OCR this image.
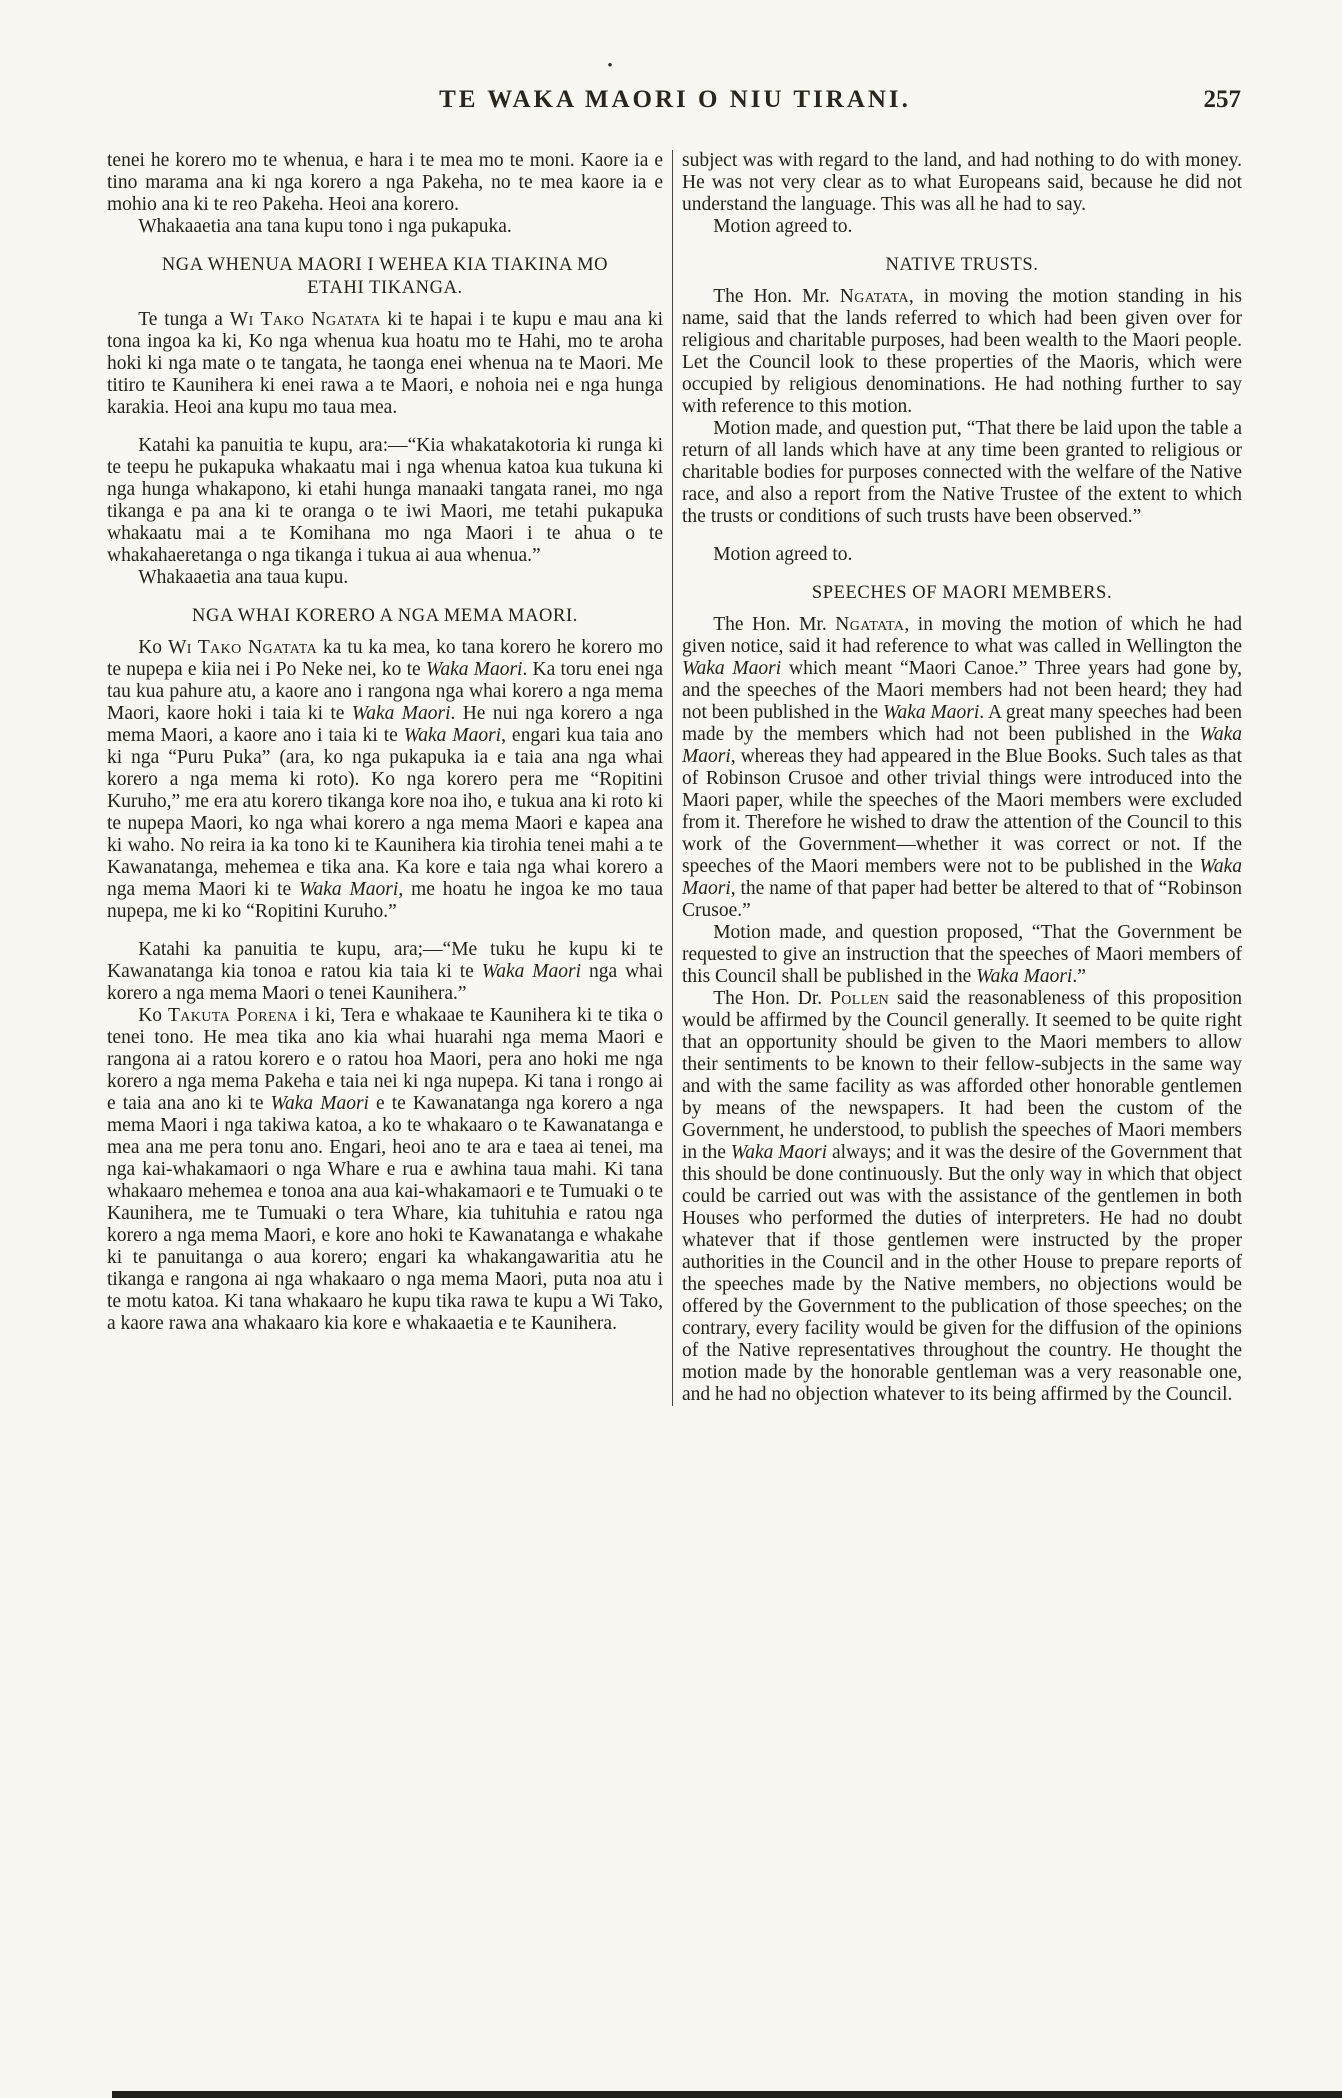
•
TE WAKA MAORI O NIU TIRANI.	257

tenei he korero mo te whenua, e hara i te mea mo te moni. Kaore ia e tino marama ana ki nga korero a nga Pakeha, no te mea kaore ia e mohio ana ki te reo Pakeha. Heoi ana korero.

Whakaaetia ana tana kupu tono i nga pukapuka.

NGA WHENUA MAORI I WEHEA KIA TIAKINA MO ETAHI TIKANGA.

Te tunga a Wi Tako Ngatata ki te hapai i te kupu e mau ana ki tona ingoa ka ki, Ko nga whenua kua hoatu mo te Hahi, mo te aroha hoki ki nga mate o te tangata, he taonga enei whenua na te Maori. Me titiro te Kaunihera ki enei rawa a te Maori, e nohoia nei e nga hunga karakia. Heoi ana kupu mo taua mea.

Katahi ka panuitia te kupu, ara:—“Kia whakatakotoria ki runga ki te teepu he pukapuka whakaatu mai i nga whenua katoa kua tukuna ki nga hunga whakapono, ki etahi hunga manaaki tangata ranei, mo nga tikanga e pa ana ki te oranga o te iwi Maori, me tetahi pukapuka whakaatu mai a te Komihana mo nga Maori i te ahua o te whakahaeretanga o nga tikanga i tukua ai aua whenua.”

Whakaaetia ana taua kupu.

NGA WHAI KORERO A NGA MEMA MAORI.

Ko Wi Tako Ngatata ka tu ka mea, ko tana korero he korero mo te nupepa e kiia nei i Po Neke nei, ko te Waka Maori. Ka toru enei nga tau kua pahure atu, a kaore ano i rangona nga whai korero a nga mema Maori, kaore hoki i taia ki te Waka Maori. He nui nga korero a nga mema Maori, a kaore ano i taia ki te Waka Maori, engari kua taia ano ki nga “Puru Puka” (ara, ko nga pukapuka ia e taia ana nga whai korero a nga mema ki roto). Ko nga korero pera me “Ropitini Kuruho,” me era atu korero tikanga kore noa iho, e tukua ana ki roto ki te nupepa Maori, ko nga whai korero a nga mema Maori e kapea ana ki waho. No reira ia ka tono ki te Kaunihera kia tirohia tenei mahi a te Kawanatanga, mehemea e tika ana. Ka kore e taia nga whai korero a nga mema Maori ki te Waka Maori, me hoatu he ingoa ke mo taua nupepa, me ki ko “Ropitini Kuruho.”

Katahi ka panuitia te kupu, ara;—“Me tuku he kupu ki te Kawanatanga kia tonoa e ratou kia taia ki te Waka Maori nga whai korero a nga mema Maori o tenei Kaunihera.”

Ko Takuta Porena i ki, Tera e whakaae te Kaunihera ki te tika o tenei tono. He mea tika ano kia whai huarahi nga mema Maori e rangona ai a ratou korero e o ratou hoa Maori, pera ano hoki me nga korero a nga mema Pakeha e taia nei ki nga nupepa. Ki tana i rongo ai e taia ana ano ki te Waka Maori e te Kawanatanga nga korero a nga mema Maori i nga takiwa katoa, a ko te whakaaro o te Kawanatanga e mea ana me pera tonu ano. Engari, heoi ano te ara e taea ai tenei, ma nga kai-whakamaori o nga Whare e rua e awhina taua mahi. Ki tana whakaaro mehemea e tonoa ana aua kai-whakamaori e te Tumuaki o te Kaunihera, me te Tumuaki o tera Whare, kia tuhituhia e ratou nga korero a nga mema Maori, e kore ano hoki te Kawanatanga e whakahe ki te panuitanga o aua korero; engari ka whakangawaritia atu he tikanga e rangona ai nga whakaaro o nga mema Maori, puta noa atu i te motu katoa. Ki tana whakaaro he kupu tika rawa te kupu a Wi Tako, a kaore rawa ana whakaaro kia kore e whakaaetia e te Kaunihera.

subject was with regard to the land, and had nothing to do with money. He was not very clear as to what Europeans said, because he did not understand the language. This was all he had to say.

Motion agreed to.

NATIVE TRUSTS.

The Hon. Mr. Ngatata, in moving the motion standing in his name, said that the lands referred to which had been given over for religious and charitable purposes, had been wealth to the Maori people. Let the Council look to these properties of the Maoris, which were occupied by religious denominations. He had nothing further to say with reference to this motion.

Motion made, and question put, “That there be laid upon the table a return of all lands which have at any time been granted to religious or charitable bodies for purposes connected with the welfare of the Native race, and also a report from the Native Trustee of the extent to which the trusts or conditions of such trusts have been observed.”

Motion agreed to.

SPEECHES OF MAORI MEMBERS.

The Hon. Mr. Ngatata, in moving the motion of which he had given notice, said it had reference to what was called in Wellington the Waka Maori which meant “Maori Canoe.” Three years had gone by, and the speeches of the Maori members had not been heard; they had not been published in the Waka Maori. A great many speeches had been made by the members which had not been published in the Waka Maori, whereas they had appeared in the Blue Books. Such tales as that of Robinson Crusoe and other trivial things were introduced into the Maori paper, while the speeches of the Maori members were excluded from it. Therefore he wished to draw the attention of the Council to this work of the Government—whether it was correct or not. If the speeches of the Maori members were not to be published in the Waka Maori, the name of that paper had better be altered to that of “Robinson Crusoe.”

Motion made, and question proposed, “That the Government be requested to give an instruction that the speeches of Maori members of this Council shall be published in the Waka Maori.”

The Hon. Dr. Pollen said the reasonableness of this proposition would be affirmed by the Council generally. It seemed to be quite right that an opportunity should be given to the Maori members to allow their sentiments to be known to their fellow-subjects in the same way and with the same facility as was afforded other honorable gentlemen by means of the newspapers. It had been the custom of the Government, he understood, to publish the speeches of Maori members in the Waka Maori always; and it was the desire of the Government that this should be done continuously. But the only way in which that object could be carried out was with the assistance of the gentlemen in both Houses who performed the duties of interpreters. He had no doubt whatever that if those gentlemen were instructed by the proper authorities in the Council and in the other House to prepare reports of the speeches made by the Native members, no objections would be offered by the Government to the publication of those speeches; on the contrary, every facility would be given for the diffusion of the opinions of the Native representatives throughout the country. He thought the motion made by the honorable gentleman was a very reasonable one, and he had no objection whatever to its being affirmed by the Council.
